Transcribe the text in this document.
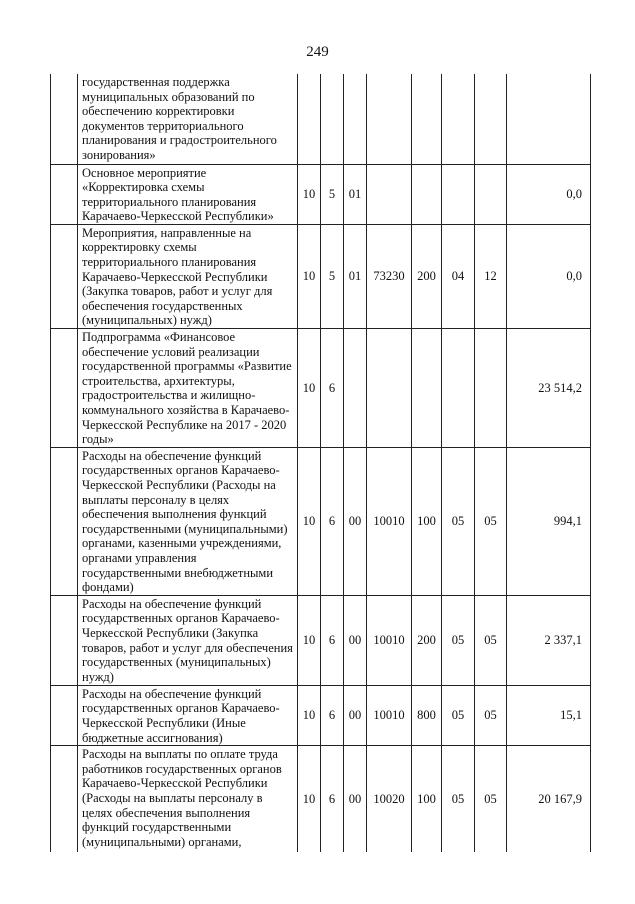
249
	государственная поддержка муниципальных образований по обеспечению корректировки документов территориального планирования и градостроительного зонирования»								
	Основное мероприятие «Корректировка схемы территориального планирования Карачаево-Черкесской Республики»	10	5	01					0,0
	Мероприятия, направленные на корректировку схемы территориального планирования Карачаево-Черкесской Республики (Закупка товаров, работ и услуг для обеспечения государственных (муниципальных) нужд)	10	5	01	73230	200	04	12	0,0
	Подпрограмма «Финансовое обеспечение условий реализации государственной программы «Развитие строительства, архитектуры, градостроительства и жилищно-коммунального хозяйства в Карачаево-Черкесской Республике на 2017 - 2020 годы»	10	6						23 514,2
	Расходы на обеспечение функций государственных органов Карачаево-Черкесской Республики (Расходы на выплаты персоналу в целях обеспечения выполнения функций государственными (муниципальными) органами, казенными учреждениями, органами управления государственными внебюджетными фондами)	10	6	00	10010	100	05	05	994,1
	Расходы на обеспечение функций государственных органов Карачаево-Черкесской Республики (Закупка товаров, работ и услуг для обеспечения государственных (муниципальных) нужд)	10	6	00	10010	200	05	05	2 337,1
	Расходы на обеспечение функций государственных органов Карачаево-Черкесской Республики (Иные бюджетные ассигнования)	10	6	00	10010	800	05	05	15,1
	Расходы на выплаты по оплате труда работников государственных органов Карачаево-Черкесской Республики (Расходы на выплаты персоналу в целях обеспечения выполнения функций государственными (муниципальными) органами,	10	6	00	10020	100	05	05	20 167,9
